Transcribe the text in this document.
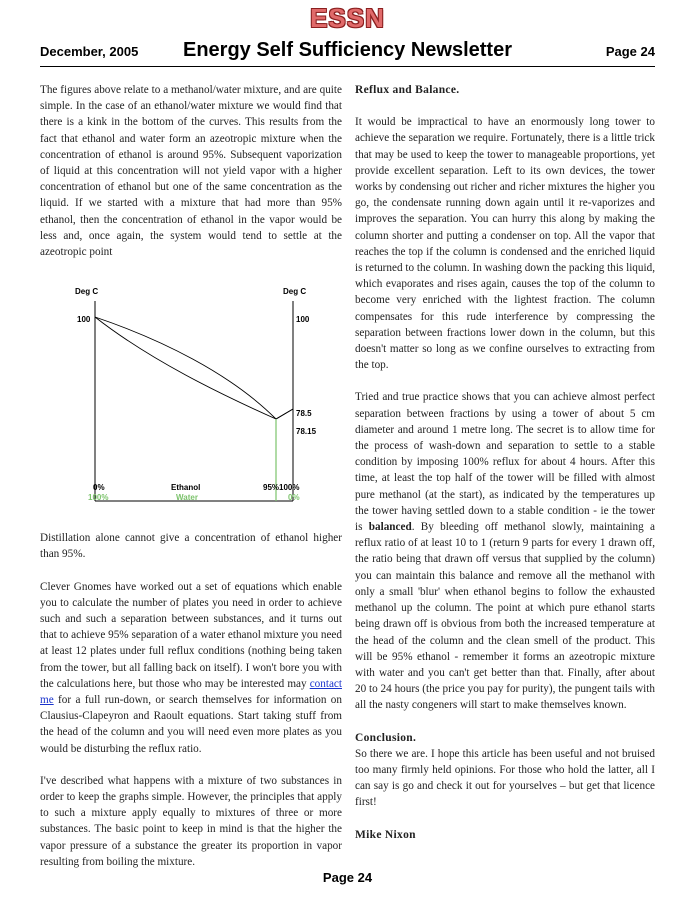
ESSN
December, 2005	Energy Self Sufficiency Newsletter	Page 24

The figures above relate to a methanol/water mixture, and are quite simple. In the case of an ethanol/water mixture we would find that there is a kink in the bottom of the curves. This results from the fact that ethanol and water form an azeotropic mixture when the concentration of ethanol is around 95%. Subsequent vaporization of liquid at this concentration will not yield vapor with a higher concentration of ethanol but one of the same concentration as the liquid. If we started with a mixture that had more than 95% ethanol, then the concentration of ethanol in the vapor would be less and, once again, the system would tend to settle at the azeotropic point

Deg C	Deg C
100	100
78.5
78.15
0%
100%
Ethanol
Water
95%100%
0%

Distillation alone cannot give a concentration of ethanol higher than 95%.

Clever Gnomes have worked out a set of equations which enable you to calculate the number of plates you need in order to achieve such and such a separation between substances, and it turns out that to achieve 95% separation of a water ethanol mixture you need at least 12 plates under full reflux conditions (nothing being taken from the tower, but all falling back on itself). I won't bore you with the calculations here, but those who may be interested may contact me for a full run-down, or search themselves for information on Clausius-Clapeyron and Raoult equations. Start taking stuff from the head of the column and you will need even more plates as you would be disturbing the reflux ratio.

I've described what happens with a mixture of two substances in order to keep the graphs simple. However, the principles that apply to such a mixture apply equally to mixtures of three or more substances. The basic point to keep in mind is that the higher the vapor pressure of a substance the greater its proportion in vapor resulting from boiling the mixture.

Reflux and Balance.

It would be impractical to have an enormously long tower to achieve the separation we require. Fortunately, there is a little trick that may be used to keep the tower to manageable proportions, yet provide excellent separation. Left to its own devices, the tower works by condensing out richer and richer mixtures the higher you go, the condensate running down again until it re-vaporizes and improves the separation. You can hurry this along by making the column shorter and putting a condenser on top. All the vapor that reaches the top if the column is condensed and the enriched liquid is returned to the column. In washing down the packing this liquid, which evaporates and rises again, causes the top of the column to become very enriched with the lightest fraction. The column compensates for this rude interference by compressing the separation between fractions lower down in the column, but this doesn't matter so long as we confine ourselves to extracting from the top.

Tried and true practice shows that you can achieve almost perfect separation between fractions by using a tower of about 5 cm diameter and around 1 metre long. The secret is to allow time for the process of wash-down and separation to settle to a stable condition by imposing 100% reflux for about 4 hours. After this time, at least the top half of the tower will be filled with almost pure methanol (at the start), as indicated by the temperatures up the tower having settled down to a stable condition - ie the tower is balanced. By bleeding off methanol slowly, maintaining a reflux ratio of at least 10 to 1 (return 9 parts for every 1 drawn off, the ratio being that drawn off versus that supplied by the column) you can maintain this balance and remove all the methanol with only a small 'blur' when ethanol begins to follow the exhausted methanol up the column. The point at which pure ethanol starts being drawn off is obvious from both the increased temperature at the head of the column and the clean smell of the product. This will be 95% ethanol - remember it forms an azeotropic mixture with water and you can't get better than that. Finally, after about 20 to 24 hours (the price you pay for purity), the pungent tails with all the nasty congeners will start to make themselves known.

Conclusion.

So there we are. I hope this article has been useful and not bruised too many firmly held opinions. For those who hold the latter, all I can say is go and check it out for yourselves – but get that licence first!

Mike Nixon
Page 24
